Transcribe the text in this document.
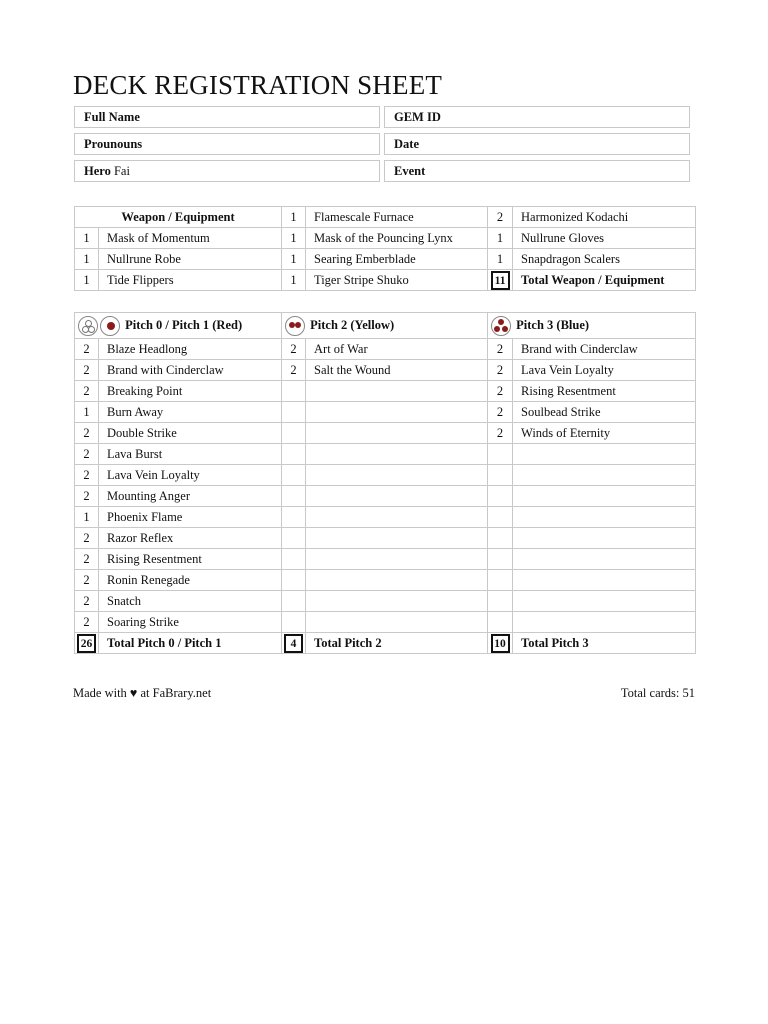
DECK REGISTRATION SHEET
Full Name	GEM ID
Prounouns	Date
Hero Fai	Event
Weapon / Equipment		1	Flamescale Furnace	2	Harmonized Kodachi
1	Mask of Momentum	1	Mask of the Pouncing Lynx	1	Nullrune Gloves
1	Nullrune Robe	1	Searing Emberblade	1	Snapdragon Scalers
1	Tide Flippers	1	Tiger Stripe Shuko	11	Total Weapon / Equipment
Pitch 0 / Pitch 1 (Red)		Pitch 2 (Yellow)		Pitch 3 (Blue)	
2	Blaze Headlong	2	Art of War	2	Brand with Cinderclaw
2	Brand with Cinderclaw	2	Salt the Wound	2	Lava Vein Loyalty
2	Breaking Point			2	Rising Resentment
1	Burn Away			2	Soulbead Strike
2	Double Strike			2	Winds of Eternity
2	Lava Burst				
2	Lava Vein Loyalty				
2	Mounting Anger				
1	Phoenix Flame				
2	Razor Reflex				
2	Rising Resentment				
2	Ronin Renegade				
2	Snatch				
2	Soaring Strike				
26	Total Pitch 0 / Pitch 1	4	Total Pitch 2	10	Total Pitch 3
Made with ♥ at FaBrary.net	Total cards: 51
